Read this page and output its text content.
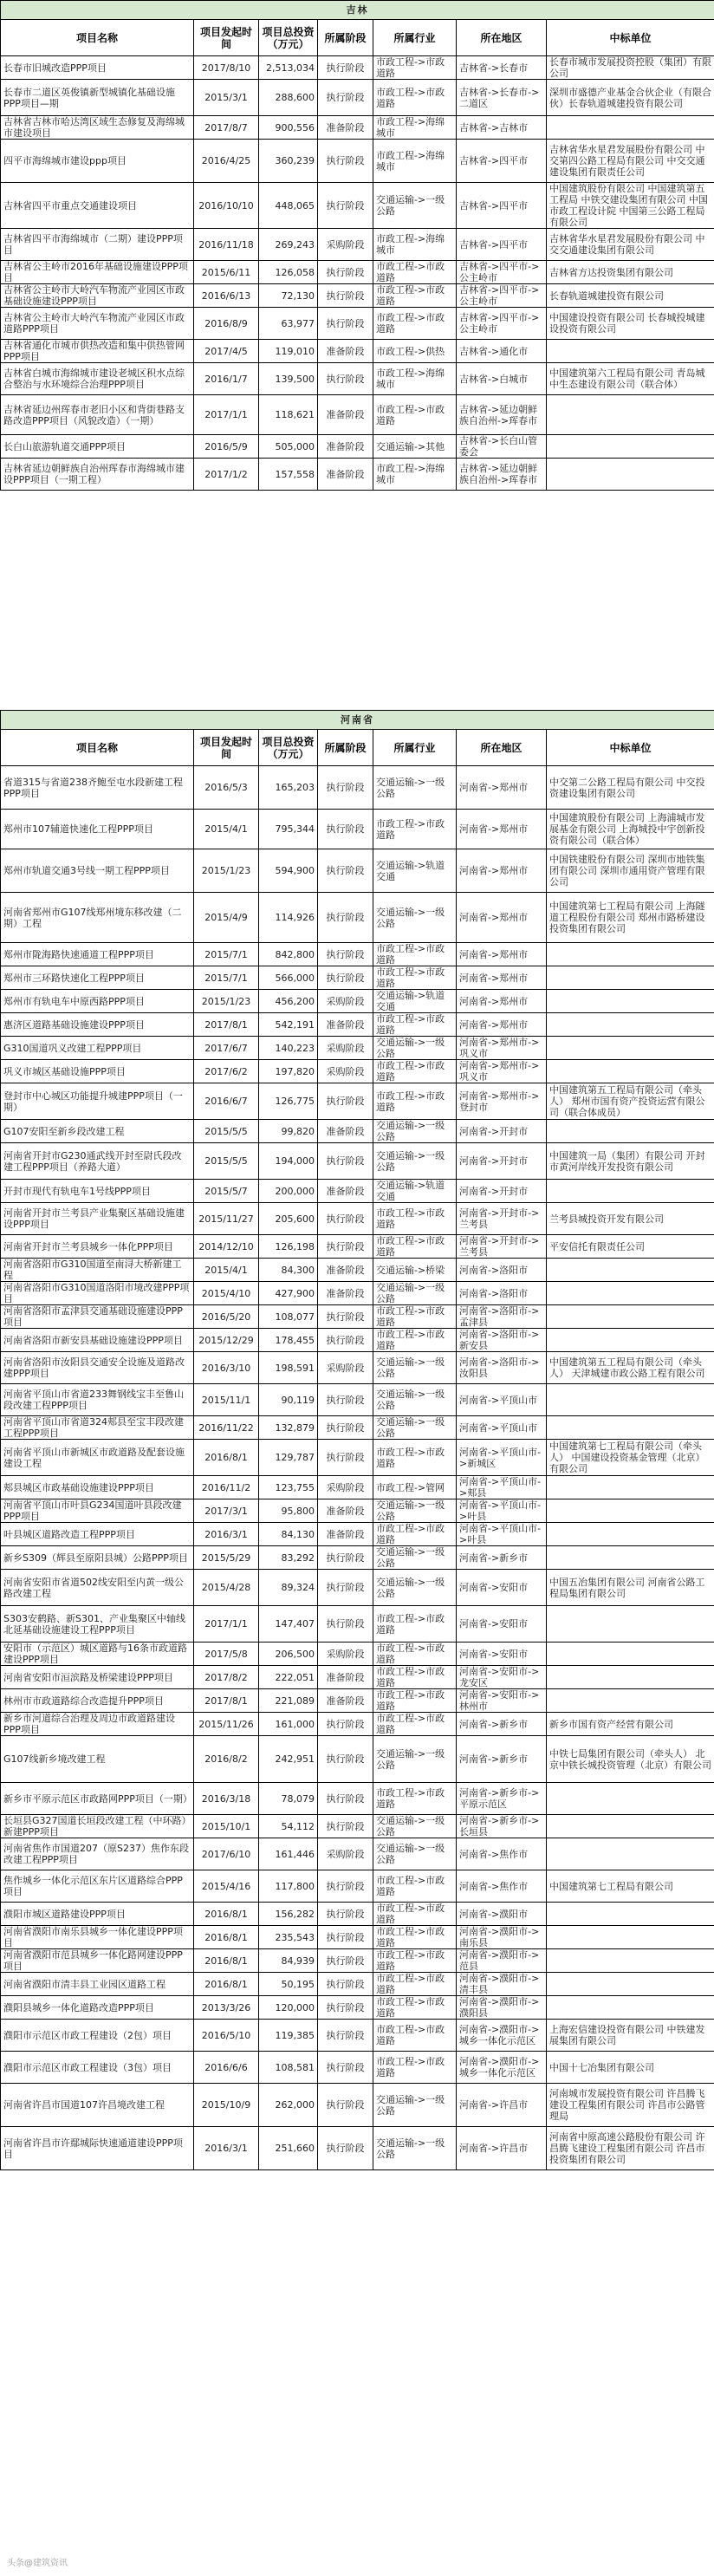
吉林						
项目名称	项目发起时间	项目总投资（万元）	所属阶段	所属行业	所在地区	中标单位
长春市旧城改造PPP项目	2017/8/10	2,513,034	执行阶段	市政工程->市政道路	吉林省->长春市	长春市城市发展投资控股（集团）有限公司
长春市二道区英俊镇新型城镇化基础设施PPP项目—期	2015/3/1	288,600	执行阶段	市政工程->市政道路	吉林省->长春市->二道区	深圳市盛德产业基金合伙企业（有限合伙）长春轨道城建投资有限公司
吉林省吉林市哈达湾区域生态修复及海绵城市建设项目	2017/8/7	900,556	准备阶段	市政工程->海绵城市	吉林省->吉林市	
四平市海绵城市建设ppp项目	2016/4/25	360,239	执行阶段	市政工程->海绵城市	吉林省->四平市	吉林省华水星君发展股份有限公司 中交第四公路工程局有限公司 中交交通建设集团有限责任公司
吉林省四平市重点交通建设项目	2016/10/10	448,065	执行阶段	交通运输->一级公路	吉林省->四平市	中国建筑股份有限公司 中国建筑第五工程局 中铁交建设集团有限公司 中国市政工程设计院 中国第三公路工程局有限公司
吉林省四平市海绵城市（二期）建设PPP项目	2016/11/18	269,243	采购阶段	市政工程->海绵城市	吉林省->四平市	吉林省华水星君发展股份有限公司 中交交通建设集团有限公司
吉林省公主岭市2016年基础设施建设PPP项目	2015/6/11	126,058	执行阶段	市政工程->市政道路	吉林省->四平市->公主岭市	吉林省方达投资集团有限公司
吉林省公主岭市大岭汽车物流产业园区市政基础设施建设PPP项目	2016/6/13	72,130	执行阶段	市政工程->市政道路	吉林省->四平市->公主岭市	长春轨道城建投资有限公司
吉林省公主岭市大岭汽车物流产业园区市政道路PPP项目	2016/8/9	63,977	执行阶段	市政工程->市政道路	吉林省->四平市->公主岭市	中国建设投资有限公司 长春城投城建设投资有限公司
吉林省通化市城市供热改造和集中供热管网PPP项目	2017/4/5	119,010	准备阶段	市政工程->供热	吉林省->通化市	
吉林省白城市海绵城市建设老城区积水点综合整治与水环境综合治理PPP项目	2016/1/7	139,500	执行阶段	市政工程->海绵城市	吉林省->白城市	中国建筑第六工程局有限公司 青岛城中生态建设有限公司（联合体）
吉林省延边州珲春市老旧小区和背街巷路支路改造PPP项目（风貌改造）（一期）	2017/1/1	118,621	准备阶段	市政工程->市政道路	吉林省->延边朝鲜族自治州->珲春市	
长白山旅游轨道交通PPP项目	2016/5/9	505,000	准备阶段	交通运输->其他	吉林省->长白山管委会	
吉林省延边朝鲜族自治州珲春市海绵城市建设PPP项目（一期工程）	2017/1/2	157,558	准备阶段	市政工程->海绵城市	吉林省->延边朝鲜族自治州->珲春市	
河南省						
项目名称	项目发起时间	项目总投资（万元）	所属阶段	所属行业	所在地区	中标单位
省道315与省道238齐鲍至屯水段新建工程PPP项目	2016/5/3	165,203	执行阶段	交通运输->一级公路	河南省->郑州市	中交第二公路工程局有限公司 中交投资建设集团有限公司
郑州市107辅道快速化工程PPP项目	2015/4/1	795,344	执行阶段	市政工程->市政道路	河南省->郑州市	中国建筑股份有限公司 上海浦城市发展基金有限公司 上海城投中宇创新投资有限公司（联合体）
郑州市轨道交通3号线一期工程PPP项目	2015/1/23	594,900	执行阶段	交通运输->轨道交通	河南省->郑州市	中国铁建股份有限公司 深圳市地铁集团有限公司 深圳市通用资产管理有限公司
河南省郑州市G107线郑州境东移改建（二期）工程	2015/4/9	114,926	执行阶段	交通运输->一级公路	河南省->郑州市	中国建筑第七工程局有限公司 上海隧道工程股份有限公司 郑州市路桥建设投资集团有限公司
郑州市陇海路快速通道工程PPP项目	2015/7/1	842,800	执行阶段	市政工程->市政道路	河南省->郑州市	
郑州市三环路快速化工程PPP项目	2015/7/1	566,000	执行阶段	市政工程->市政道路	河南省->郑州市	
郑州市有轨电车中原西路PPP项目	2015/1/23	456,200	采购阶段	交通运输->轨道交通	河南省->郑州市	
惠济区道路基础设施建设PPP项目	2017/8/1	542,191	准备阶段	市政工程->市政道路	河南省->郑州市	
G310国道巩义改建工程PPP项目	2017/6/7	140,223	采购阶段	交通运输->一级公路	河南省->郑州市->巩义市	
巩义市城区基础设施PPP项目	2017/6/2	197,820	采购阶段	市政工程->市政道路	河南省->郑州市->巩义市	
登封市中心城区功能提升城建PPP项目（一期）	2016/6/7	126,775	执行阶段	市政工程->市政道路	河南省->郑州市->登封市	中国建筑第五工程局有限公司（牵头人） 郑州市国有资产投资运营有限公司（联合体成员）
G107安阳至新乡段改建工程	2015/5/5	99,820	准备阶段	交通运输->一级公路	河南省->开封市	
河南省开封市G230通武线开封至尉氏段改建工程PPP项目（养路大道）	2015/5/5	194,000	执行阶段	交通运输->一级公路	河南省->开封市	中国建筑一局（集团）有限公司 开封市黄河岸线开发投资有限公司
开封市现代有轨电车1号线PPP项目	2015/5/7	200,000	准备阶段	交通运输->轨道交通	河南省->开封市	
河南省开封市兰考县产业集聚区基础设施建设PPP项目	2015/11/27	205,600	执行阶段	市政工程->市政道路	河南省->开封市->兰考县	兰考县城投资开发有限公司
河南省开封市兰考县城乡一体化PPP项目	2014/12/10	126,198	执行阶段	市政工程->市政道路	河南省->开封市->兰考县	平安信托有限责任公司
河南省洛阳市G310国道至南浔大桥新建工程	2015/4/1	84,300	准备阶段	交通运输->桥梁	河南省->洛阳市	
河南省洛阳市G310国道洛阳市境改建PPP项目	2015/4/10	427,900	准备阶段	交通运输->一级公路	河南省->洛阳市	
河南省洛阳市孟津县交通基础设施建设PPP项目	2016/5/20	108,077	执行阶段	市政工程->市政道路	河南省->洛阳市->孟津县	
河南省洛阳市新安县基础设施建设PPP项目	2015/12/29	178,455	执行阶段	市政工程->市政道路	河南省->洛阳市->新安县	
河南省洛阳市汝阳县交通安全设施及道路改建PPP项目	2016/3/10	198,591	采购阶段	交通运输->一级公路	河南省->洛阳市->汝阳县	中国建筑第五工程局有限公司（牵头人） 天津城建市政公路工程有限公司
河南省平顶山市省道233舞钢线宝丰至鲁山段改建工程PPP项目	2015/11/1	90,119	执行阶段	交通运输->一级公路	河南省->平顶山市	
河南省平顶山市省道324郏县至宝丰段改建工程PPP项目	2016/11/22	132,879	执行阶段	交通运输->一级公路	河南省->平顶山市	
河南省平顶山市新城区市政道路及配套设施建设工程	2016/8/1	129,787	执行阶段	市政工程->市政道路	河南省->平顶山市->新城区	中国建筑第七工程局有限公司（牵头人） 中国建设投资基金管理（北京）有限公司
郏县城区市政基础设施建设PPP项目	2016/11/2	123,755	采购阶段	市政工程->管网	河南省->平顶山市->郏县	
河南省平顶山市叶县G234国道叶县段改建PPP项目	2017/3/1	95,800	准备阶段	交通运输->一级公路	河南省->平顶山市->叶县	
叶县城区道路改造工程PPP项目	2016/3/1	84,130	准备阶段	市政工程->市政道路	河南省->平顶山市->叶县	
新乡S309（辉县至原阳县城）公路PPP项目	2015/5/29	83,292	执行阶段	交通运输->一级公路	河南省->新乡市	
河南省安阳市省道502线安阳至内黄一级公路改建工程	2015/4/28	89,324	执行阶段	交通运输->一级公路	河南省->安阳市	中国五冶集团有限公司 河南省公路工程局集团有限公司
S303安鹤路、新S301、产业集聚区中轴线北延基础设施建设工程PPP项目	2017/1/1	147,407	执行阶段	市政工程->市政道路	河南省->安阳市	
安阳市（示范区）城区道路与16条市政道路建设PPP项目	2017/5/8	206,500	采购阶段	市政工程->市政道路	河南省->安阳市	
河南省安阳市洹滨路及桥梁建设PPP项目	2017/8/2	222,051	准备阶段	市政工程->市政道路	河南省->安阳市->龙安区	
林州市市政道路综合改造提升PPP项目	2017/8/1	221,089	准备阶段	市政工程->市政道路	河南省->安阳市->林州市	
新乡市河道综合治理及周边市政道路建设PPP项目	2015/11/26	161,000	执行阶段	市政工程->市政道路	河南省->新乡市	新乡市国有资产经营有限公司
G107线新乡境改建工程	2016/8/2	242,951	执行阶段	交通运输->一级公路	河南省->新乡市	中铁七局集团有限公司（牵头人） 北京中铁长城投资管理（北京）有限公司
新乡市平原示范区市政路网PPP项目（一期）	2016/3/18	78,079	执行阶段	市政工程->市政道路	河南省->新乡市->平原示范区	
长垣县G327国道长垣段改建工程（中环路）新建PPP项目	2015/10/1	54,112	执行阶段	交通运输->一级公路	河南省->新乡市->长垣县	
河南省焦作市国道207（原S237）焦作东段改建工程PPP项目	2017/6/10	161,446	采购阶段	交通运输->一级公路	河南省->焦作市	
焦作城乡一体化示范区东片区道路综合PPP项目	2015/4/16	117,800	执行阶段	市政工程->市政道路	河南省->焦作市	中国建筑第七工程局有限公司
濮阳市城区道路建设PPP项目	2016/8/1	156,282	执行阶段	市政工程->市政道路	河南省->濮阳市	
河南省濮阳市南乐县城乡一体化建设PPP项目	2016/8/1	235,543	执行阶段	市政工程->市政道路	河南省->濮阳市->南乐县	
河南省濮阳市范县城乡一体化路网建设PPP项目	2016/8/1	84,939	执行阶段	市政工程->市政道路	河南省->濮阳市->范县	
河南省濮阳市清丰县工业园区道路工程	2016/8/1	50,195	执行阶段	市政工程->市政道路	河南省->濮阳市->清丰县	
濮阳县城乡一体化道路改造PPP项目	2013/3/26	120,000	执行阶段	市政工程->市政道路	河南省->濮阳市->濮阳县	
濮阳市示范区市政工程建设（2包）项目	2016/5/10	119,385	执行阶段	市政工程->市政道路	河南省->濮阳市->城乡一体化示范区	上海宏信建设投资有限公司 中铁建发展集团有限公司
濮阳市示范区市政工程建设（3包）项目	2016/6/6	108,581	执行阶段	市政工程->市政道路	河南省->濮阳市->城乡一体化示范区	中国十七冶集团有限公司
河南省许昌市国道107许昌境改建工程	2015/10/9	262,000	执行阶段	交通运输->一级公路	河南省->许昌市	河南城市发展投资有限公司 许昌腾飞建设工程集团有限公司 许昌市公路管理局
河南省许昌市许鄢城际快速通道建设PPP项目	2016/3/1	251,660	执行阶段	交通运输->一级公路	河南省->许昌市	河南省中原高速公路股份有限公司 许昌腾飞建设工程集团有限公司 许昌市投资集团有限公司
头条@建筑资讯
